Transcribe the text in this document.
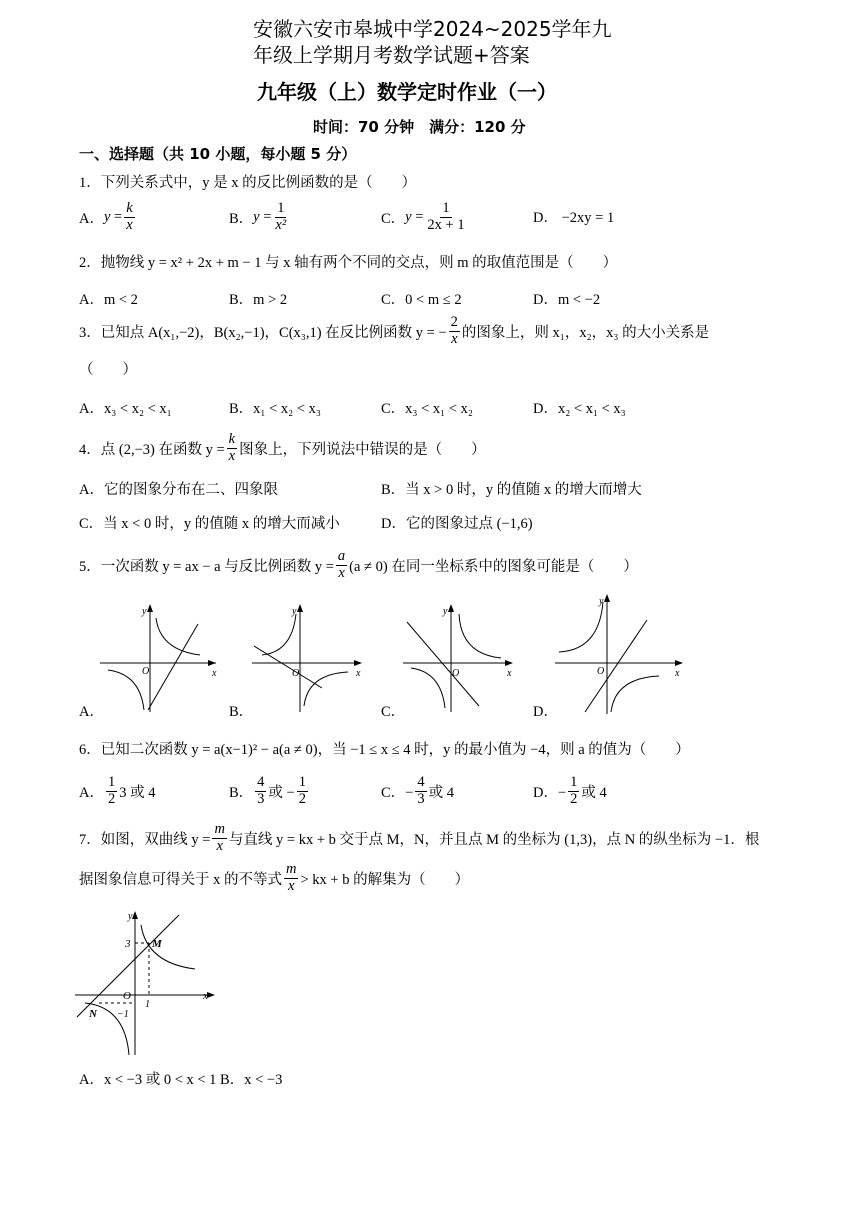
安徽六安市皋城中学2024~2025学年九
年级上学期月考数学试题+答案
九年级（上）数学定时作业（一）
时间：70 分钟　满分：120 分
一、选择题（共 10 小题，每小题 5 分）
1．下列关系式中，y 是 x 的反比例函数的是（　　）
A． $y = \frac{k}{x}$	B． $y = \frac{1}{\text{x²}}$	C． $y = \frac{1}{2x + 1}$	D． −2xy = 1
2．抛物线 y = x² + 2x + m − 1 与 x 轴有两个不同的交点，则 m 的取值范围是（　　）
A．m < 2	B．m > 2	C．0 < m ≤ 2	D．m < −2
3．已知点 A(x₁,−2)，B(x₂,−1)，C(x₃,1) 在反比例函数 y = − $\frac{2}{x}$ 的图象上，则 x₁，x₂，x₃ 的大小关系是
（　　）
A．x₃ < x₂ < x₁	B．x₁ < x₂ < x₃	C．x₃ < x₁ < x₂	D．x₂ < x₁ < x₃
4．点 (2,−3) 在函数 $y = \frac{k}{x}$ 图象上，下列说法中错误的是（　　）
A．它的图象分布在二、四象限	B．当 x > 0 时，y 的值随 x 的增大而增大
C．当 x < 0 时，y 的值随 x 的增大而减小	D．它的图象过点 (−1,6)
5．一次函数 y = ax − a 与反比例函数 $y = \frac{a}{x} (a \ne 0)$ 在同一坐标系中的图象可能是（　　）
y
x
O
A．
y
x
O
B．
y
x
O
C．
y
x
O
D．
6．已知二次函数 y = a(x−1)² − a(a ≠ 0)，当 −1 ≤ x ≤ 4 时，y 的最小值为 −4，则 a 的值为（　　）
A． $\frac{1}{2} 3$ 或 4	B． $\frac{4}{3}$ 或 − $\frac{1}{2}$	C．− $\frac{4}{3}$ 或 4	D．− $\frac{1}{2}$ 或 4
7．如图，双曲线 $y = \frac{m}{x}$ 与直线 y = kx + b 交于点 M，N，并且点 M 的坐标为 (1,3)，点 N 的纵坐标为 −1．根
据图象信息可得关于 x 的不等式 $\frac{m}{x}$ > kx + b 的解集为（　　）
y
x
O
M
N
3
−1
1
A．x < −3 或 0 < x < 1 B．x < −3
